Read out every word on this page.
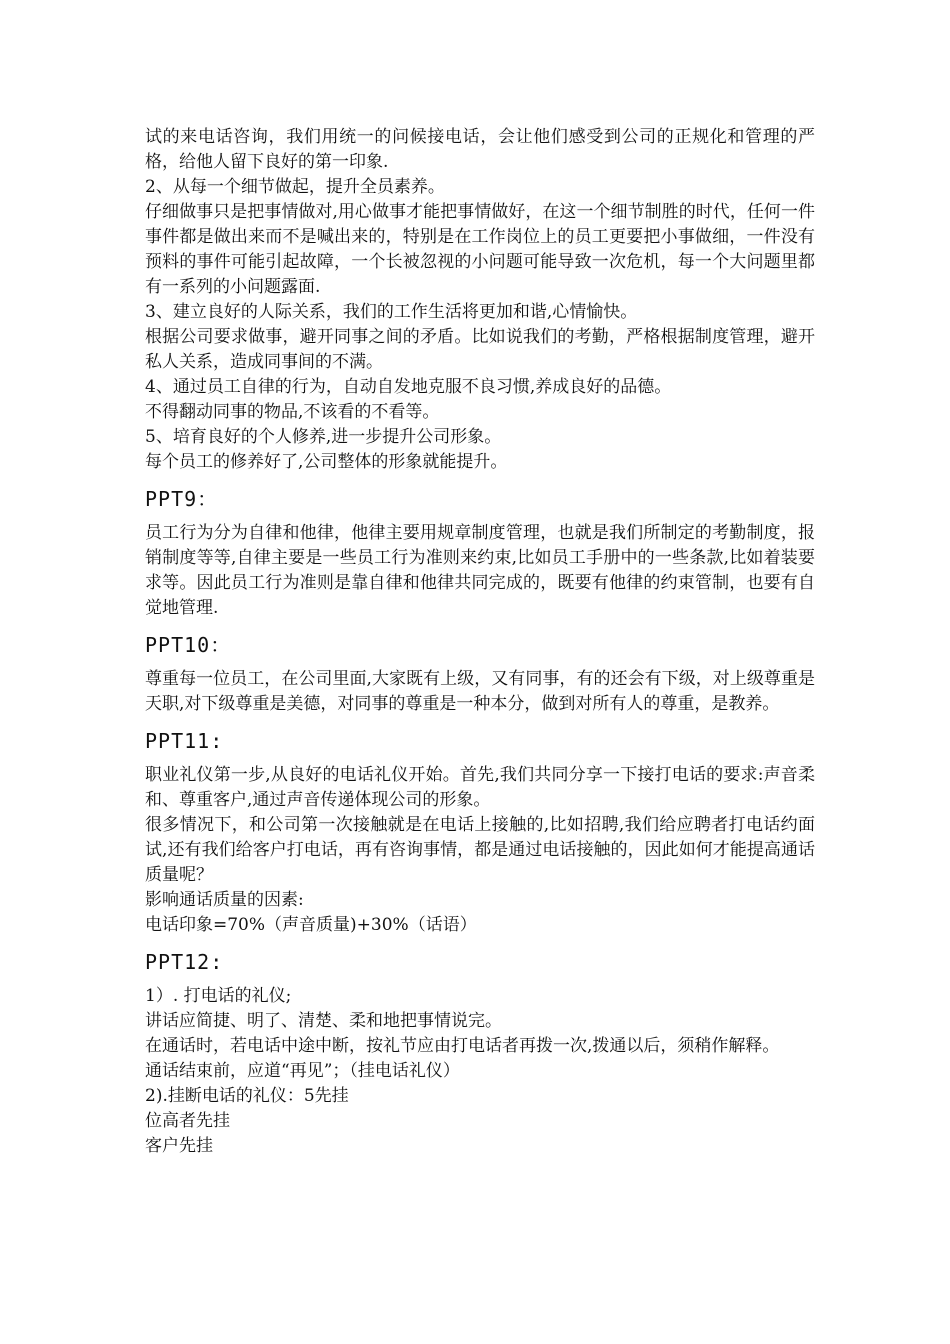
试的来电话咨询，我们用统一的问候接电话，会让他们感受到公司的正规化和管理的严格，给他人留下良好的第一印象.

2、从每一个细节做起，提升全员素养。

仔细做事只是把事情做对,用心做事才能把事情做好，在这一个细节制胜的时代，任何一件事件都是做出来而不是喊出来的，特别是在工作岗位上的员工更要把小事做细，一件没有预料的事件可能引起故障，一个长被忽视的小问题可能导致一次危机，每一个大问题里都有一系列的小问题露面.

3、建立良好的人际关系，我们的工作生活将更加和谐,心情愉快。

根据公司要求做事，避开同事之间的矛盾。比如说我们的考勤，严格根据制度管理，避开私人关系，造成同事间的不满。

4、通过员工自律的行为，自动自发地克服不良习惯,养成良好的品德。

不得翻动同事的物品,不该看的不看等。

5、培育良好的个人修养,进一步提升公司形象。

每个员工的修养好了,公司整体的形象就能提升。

PPT9：

员工行为分为自律和他律，他律主要用规章制度管理，也就是我们所制定的考勤制度，报销制度等等,自律主要是一些员工行为准则来约束,比如员工手册中的一些条款,比如着装要求等。因此员工行为准则是靠自律和他律共同完成的，既要有他律的约束管制，也要有自觉地管理.

PPT10：

尊重每一位员工，在公司里面,大家既有上级，又有同事，有的还会有下级，对上级尊重是天职,对下级尊重是美德，对同事的尊重是一种本分，做到对所有人的尊重，是教养。

PPT11:

职业礼仪第一步,从良好的电话礼仪开始。首先,我们共同分享一下接打电话的要求:声音柔和、尊重客户,通过声音传递体现公司的形象。

很多情况下，和公司第一次接触就是在电话上接触的,比如招聘,我们给应聘者打电话约面试,还有我们给客户打电话，再有咨询事情，都是通过电话接触的，因此如何才能提高通话质量呢？

影响通话质量的因素:

电话印象=70%（声音质量)+30%（话语）

PPT12:

1）. 打电话的礼仪;

讲话应简捷、明了、清楚、柔和地把事情说完。

在通话时，若电话中途中断，按礼节应由打电话者再拨一次,拨通以后，须稍作解释。

通话结束前，应道“再见”；（挂电话礼仪）

2).挂断电话的礼仪：5先挂

位高者先挂

客户先挂
